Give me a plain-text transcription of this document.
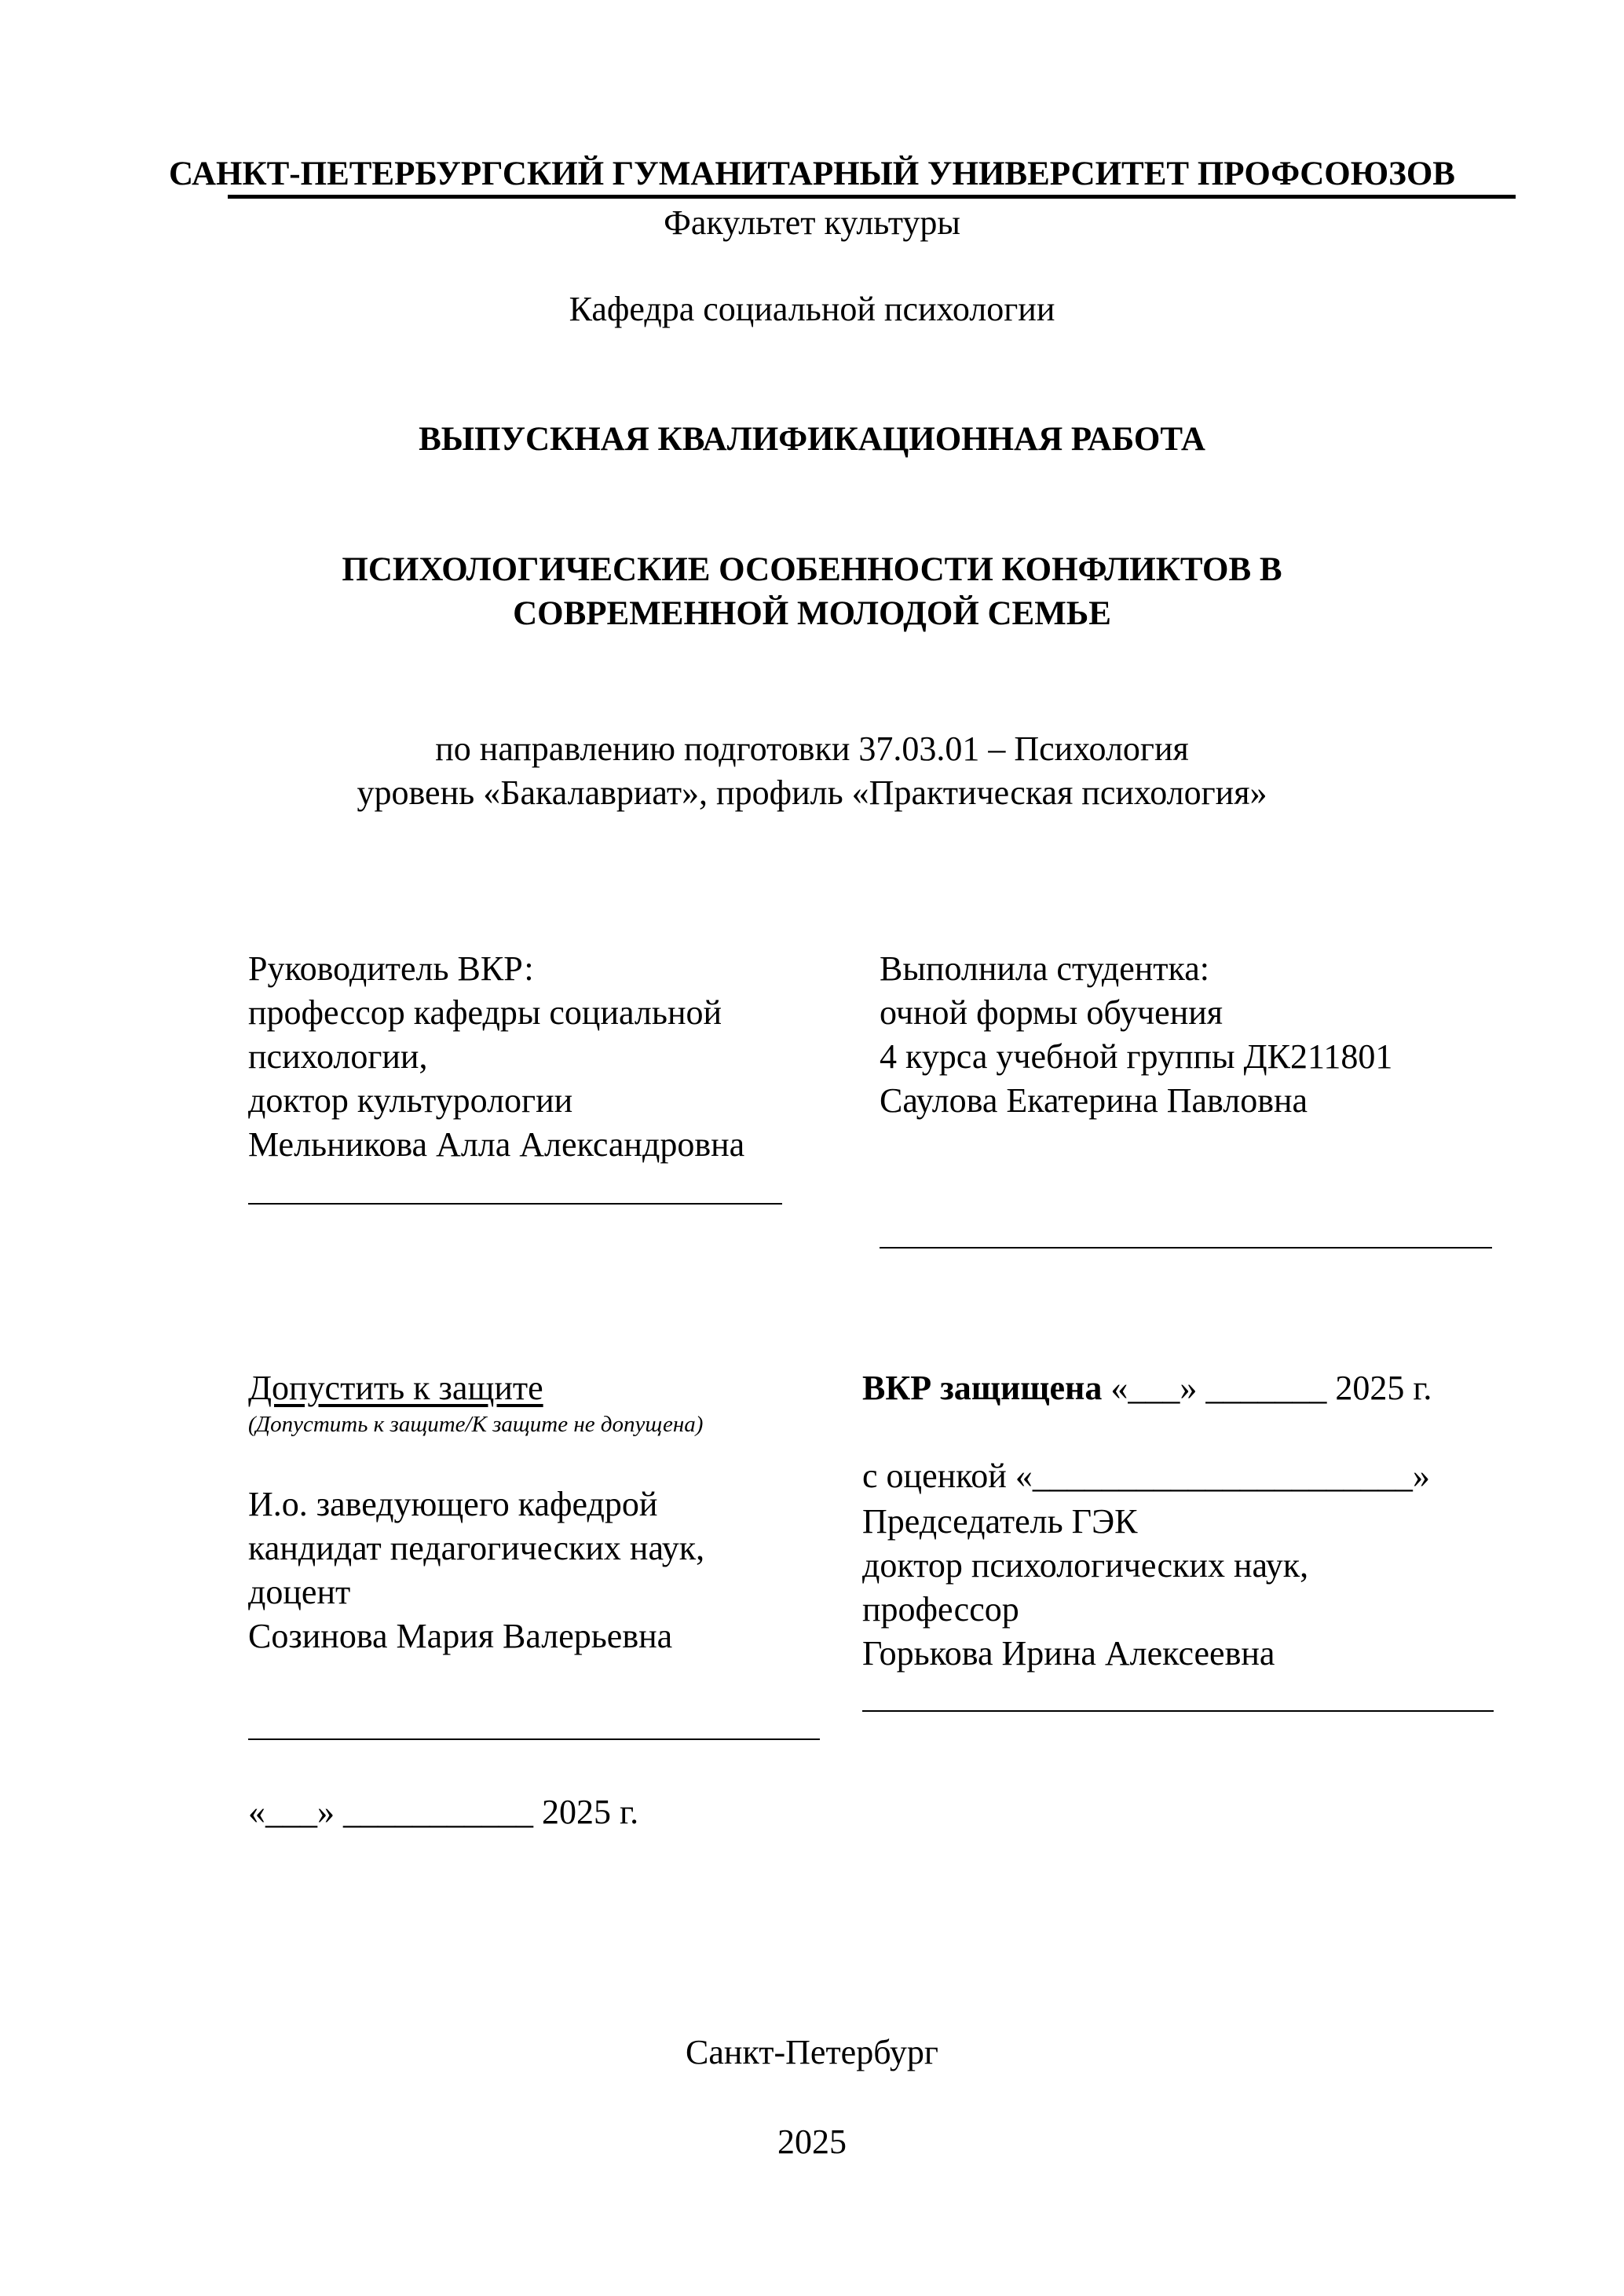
САНКТ-ПЕТЕРБУРГСКИЙ ГУМАНИТАРНЫЙ УНИВЕРСИТЕТ ПРОФСОЮЗОВ
Факультет культуры
Кафедра социальной психологии
ВЫПУСКНАЯ КВАЛИФИКАЦИОННАЯ РАБОТА
ПСИХОЛОГИЧЕСКИЕ ОСОБЕННОСТИ КОНФЛИКТОВ В
СОВРЕМЕННОЙ МОЛОДОЙ СЕМЬЕ
по направлению подготовки 37.03.01 – Психология
уровень «Бакалавриат», профиль «Практическая психология»

Руководитель ВКР:

профессор кафедры социальной

психологии,

доктор культурологии

Мельникова Алла Александровна

Выполнила студентка:

очной формы обучения

4 курса учебной группы ДК211801

Саулова Екатерина Павловна

Допустить к защите
(Допустить к защите/К защите не допущена)

И.о. заведующего кафедрой

кандидат педагогических наук,

доцент

Созинова Мария Валерьевна

«___» ___________ 2025 г.
ВКР защищена «___» _______ 2025 г.
с оценкой «______________________»

Председатель ГЭК

доктор психологических наук,

профессор

Горькова Ирина Алексеевна

Санкт-Петербург
2025
